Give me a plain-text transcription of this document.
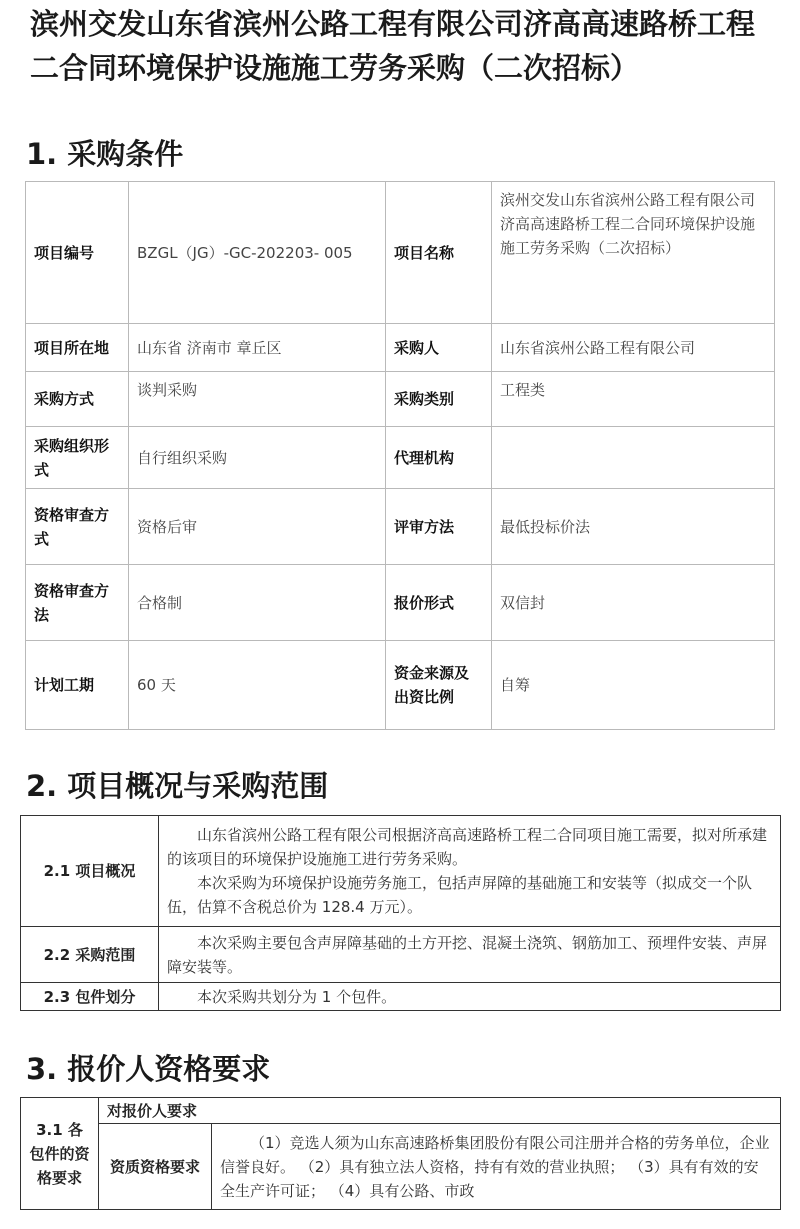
滨州交发山东省滨州公路工程有限公司济高高速路桥工程二合同环境保护设施施工劳务采购（二次招标）
1. 采购条件
项目编号	BZGL（JG）-GC-202203- 005	项目名称	滨州交发山东省滨州公路工程有限公司济高高速路桥工程二合同环境保护设施施工劳务采购（二次招标）
项目所在地	山东省 济南市 章丘区	采购人	山东省滨州公路工程有限公司
采购方式	谈判采购	采购类别	工程类
采购组织形式	自行组织采购	代理机构	
资格审查方式	资格后审	评审方法	最低投标价法
资格审查方法	合格制	报价形式	双信封
计划工期	60 天	资金来源及出资比例	自筹
2. 项目概况与采购范围
2.1 项目概况	山东省滨州公路工程有限公司根据济高高速路桥工程二合同项目施工需要，拟对所承建的该项目的环境保护设施施工进行劳务采购。
本次采购为环境保护设施劳务施工，包括声屏障的基础施工和安装等（拟成交一个队伍，估算不含税总价为 128.4 万元）。

2.2 采购范围	本次采购主要包含声屏障基础的土方开挖、混凝土浇筑、钢筋加工、预埋件安装、声屏障安装等。
2.3 包件划分	本次采购共划分为 1 个包件。
3. 报价人资格要求
3.1 各包件的资格要求	对报价人要求	
	资质资格要求	（1）竞选人须为山东高速路桥集团股份有限公司注册并合格的劳务单位，企业信誉良好。 （2）具有独立法人资格，持有有效的营业执照； （3）具有有效的安全生产许可证； （4）具有公路、市政
